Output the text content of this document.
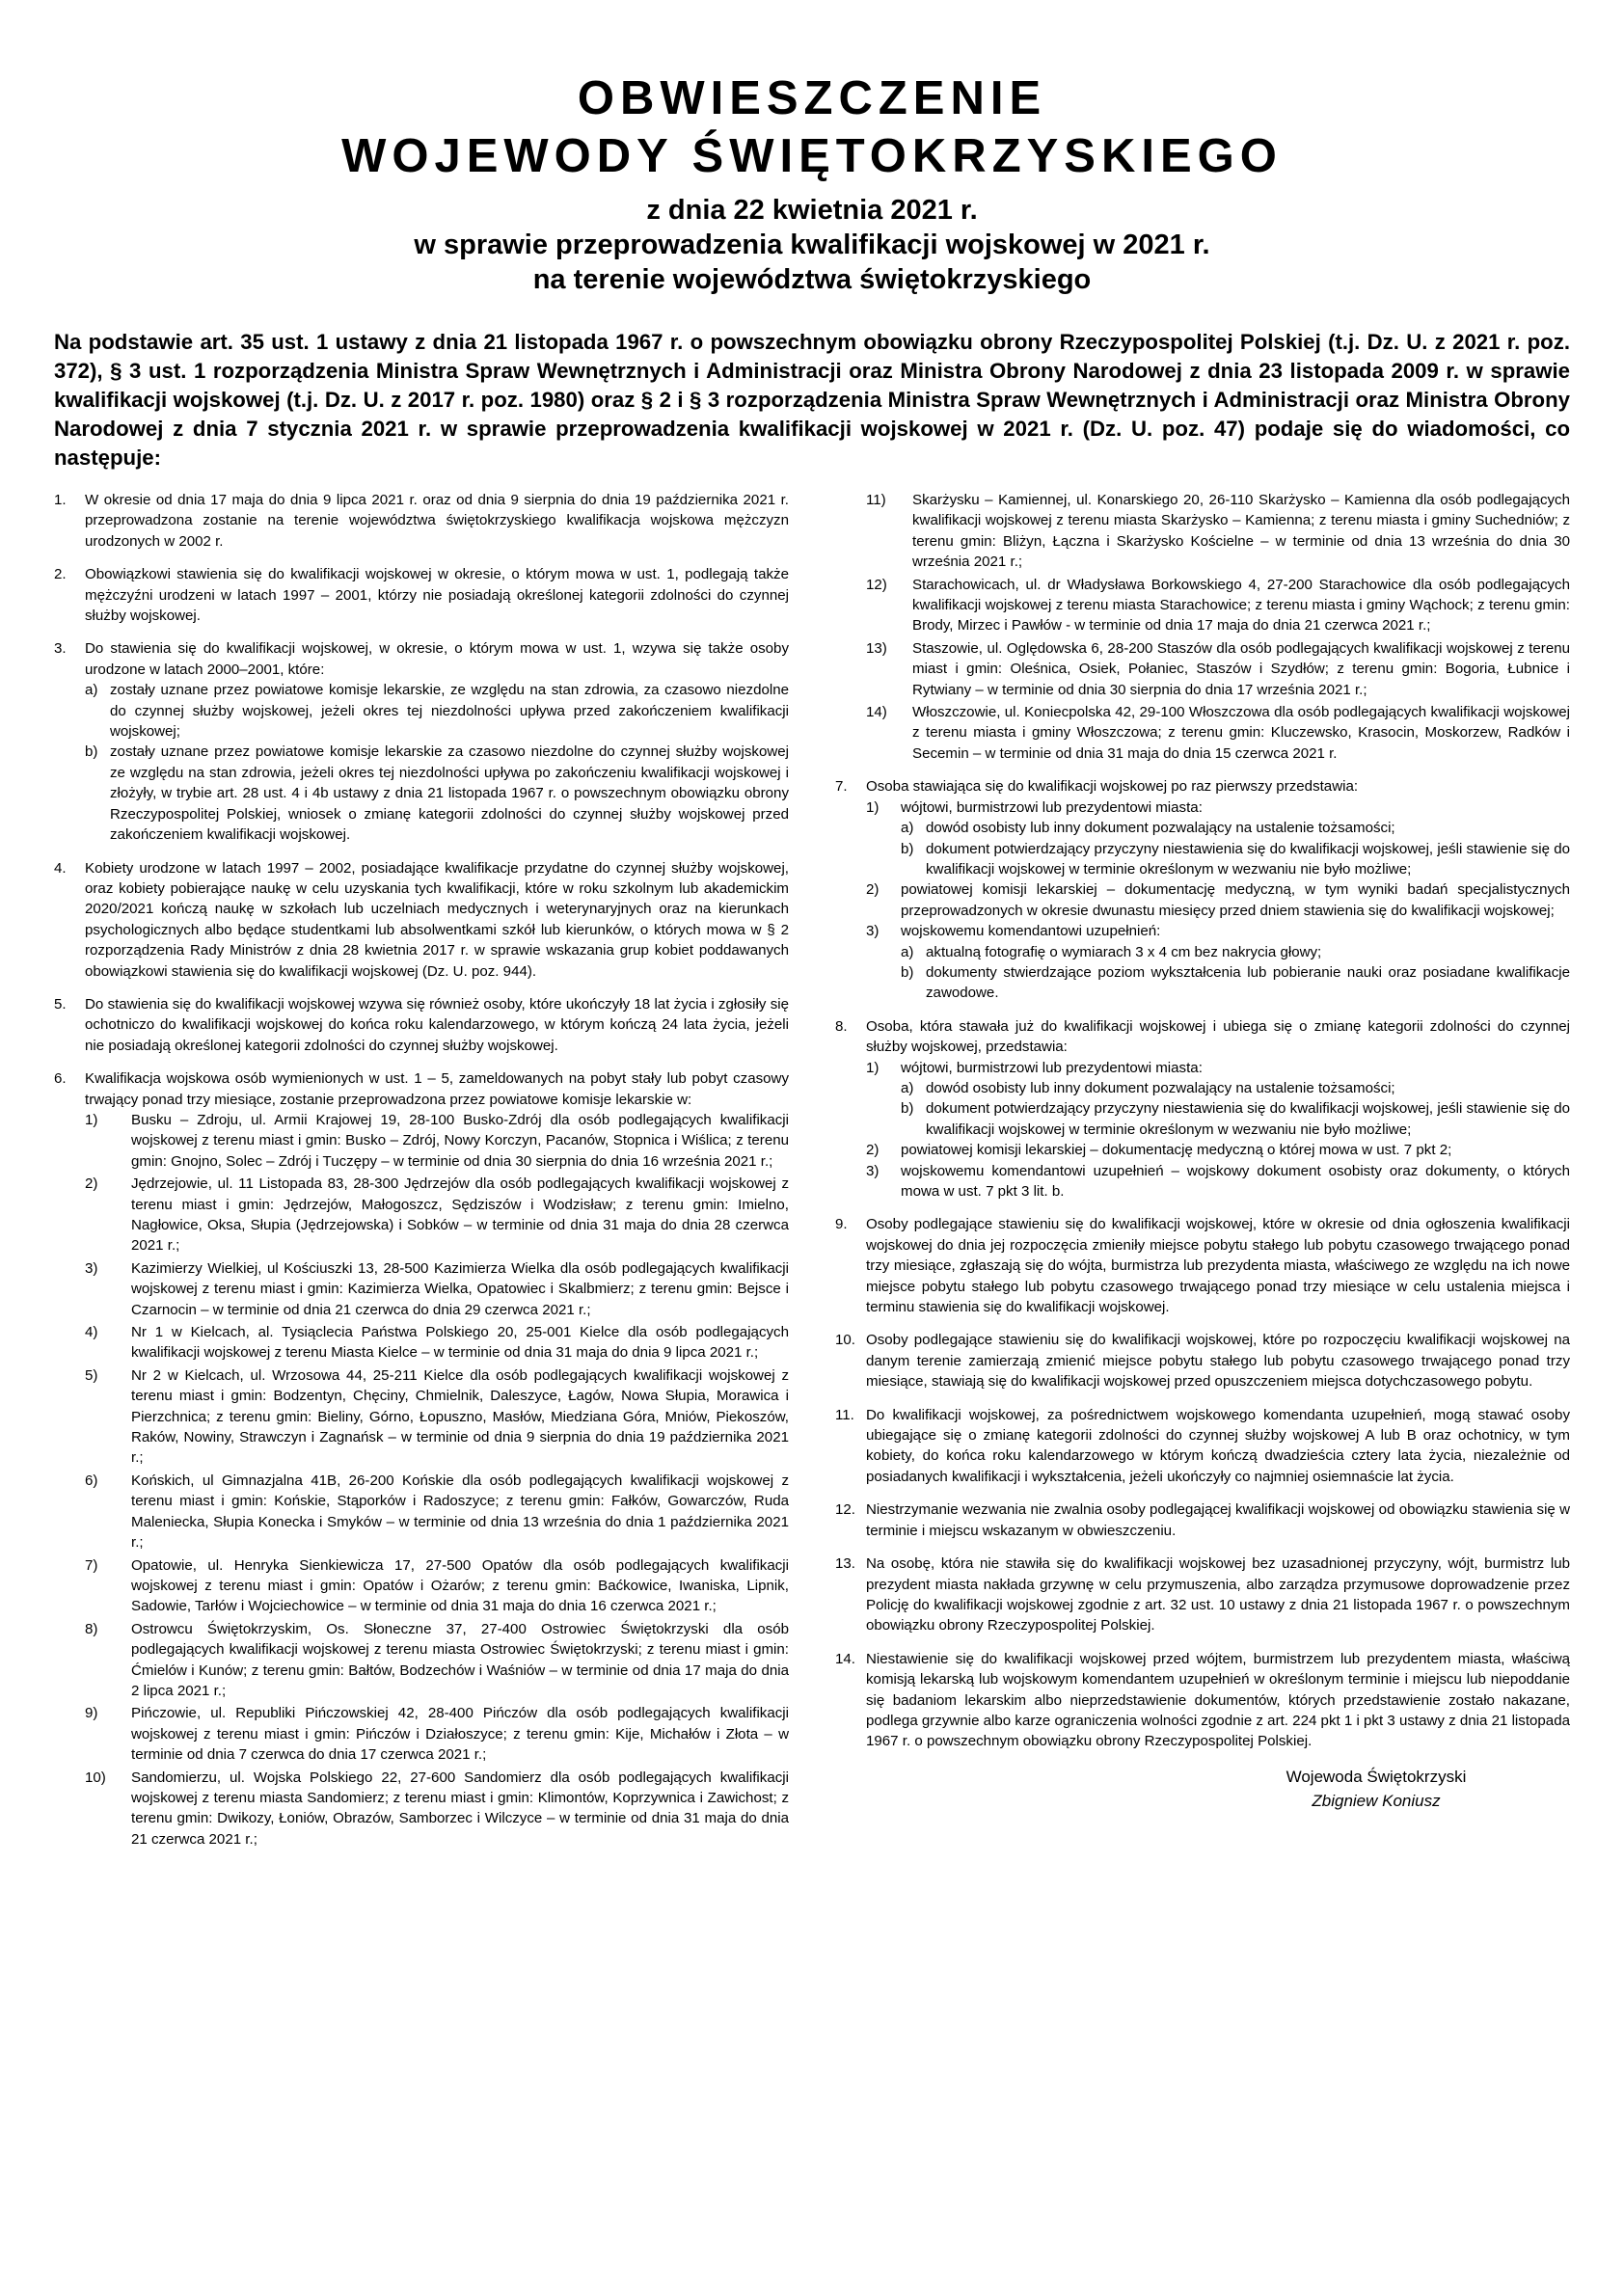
OBWIESZCZENIE
WOJEWODY ŚWIĘTOKRZYSKIEGO

z dnia 22 kwietnia 2021 r.

w sprawie przeprowadzenia kwalifikacji wojskowej w 2021 r.

na terenie województwa świętokrzyskiego

Na podstawie art. 35 ust. 1 ustawy z dnia 21 listopada 1967 r. o powszechnym obowiązku obrony Rzeczypospolitej Polskiej (t.j. Dz. U. z 2021 r. poz. 372), § 3 ust. 1 rozporządzenia Ministra Spraw Wewnętrznych i Administracji oraz Ministra Obrony Narodowej z dnia 23 listopada 2009 r. w sprawie kwalifikacji wojskowej (t.j. Dz. U. z 2017 r. poz. 1980) oraz § 2 i § 3 rozporządzenia Ministra Spraw Wewnętrznych i Administracji oraz Ministra Obrony Narodowej z dnia 7 stycznia 2021 r. w sprawie przeprowadzenia kwalifikacji wojskowej w 2021 r. (Dz. U. poz. 47) podaje się do wiadomości, co następuje:
1.	W okresie od dnia 17 maja do dnia 9 lipca 2021 r. oraz od dnia 9 sierpnia do dnia 19 października 2021 r. przeprowadzona zostanie na terenie województwa świętokrzyskiego kwalifikacja wojskowa mężczyzn urodzonych w 2002 r.
2.	Obowiązkowi stawienia się do kwalifikacji wojskowej w okresie, o którym mowa w ust. 1, podlegają także mężczyźni urodzeni w latach 1997 – 2001, którzy nie posiadają określonej kategorii zdolności do czynnej służby wojskowej.
3.	Do stawienia się do kwalifikacji wojskowej, w okresie, o którym mowa w ust. 1, wzywa się także osoby urodzone w latach 2000–2001, które:
a) zostały uznane przez powiatowe komisje lekarskie, ze względu na stan zdrowia, za czasowo niezdolne do czynnej służby wojskowej, jeżeli okres tej niezdolności upływa przed zakończeniem kwalifikacji wojskowej;
b) zostały uznane przez powiatowe komisje lekarskie za czasowo niezdolne do czynnej służby wojskowej ze względu na stan zdrowia, jeżeli okres tej niezdolności upływa po zakończeniu kwalifikacji wojskowej i złożyły, w trybie art. 28 ust. 4 i 4b ustawy z dnia 21 listopada 1967 r. o powszechnym obowiązku obrony Rzeczypospolitej Polskiej, wniosek o zmianę kategorii zdolności do czynnej służby wojskowej przed zakończeniem kwalifikacji wojskowej.
4.	Kobiety urodzone w latach 1997 – 2002, posiadające kwalifikacje przydatne do czynnej służby wojskowej, oraz kobiety pobierające naukę w celu uzyskania tych kwalifikacji, które w roku szkolnym lub akademickim 2020/2021 kończą naukę w szkołach lub uczelniach medycznych i weterynaryjnych oraz na kierunkach psychologicznych albo będące studentkami lub absolwentkami szkół lub kierunków, o których mowa w § 2 rozporządzenia Rady Ministrów z dnia 28 kwietnia 2017 r. w sprawie wskazania grup kobiet poddawanych obowiązkowi stawienia się do kwalifikacji wojskowej (Dz. U. poz. 944).
5.	Do stawienia się do kwalifikacji wojskowej wzywa się również osoby, które ukończyły 18 lat życia i zgłosiły się ochotniczo do kwalifikacji wojskowej do końca roku kalendarzowego, w którym kończą 24 lata życia, jeżeli nie posiadają określonej kategorii zdolności do czynnej służby wojskowej.
6.	Kwalifikacja wojskowa osób wymienionych w ust. 1 – 5, zameldowanych na pobyt stały lub pobyt czasowy trwający ponad trzy miesiące, zostanie przeprowadzona przez powiatowe komisje lekarskie w:
1)	Busku – Zdroju, ul. Armii Krajowej 19, 28-100 Busko-Zdrój dla osób podlegających kwalifikacji wojskowej z terenu miast i gmin: Busko – Zdrój, Nowy Korczyn, Pacanów, Stopnica i Wiślica; z terenu gmin: Gnojno, Solec – Zdrój i Tuczępy – w terminie od dnia 30 sierpnia do dnia 16 września 2021 r.;
2)	Jędrzejowie, ul. 11 Listopada 83, 28-300 Jędrzejów dla osób podlegających kwalifikacji wojskowej z terenu miast i gmin: Jędrzejów, Małogoszcz, Sędziszów i Wodzisław; z terenu gmin: Imielno, Nagłowice, Oksa, Słupia (Jędrzejowska) i Sobków – w terminie od dnia 31 maja do dnia 28 czerwca 2021 r.;
3)	Kazimierzy Wielkiej, ul Kościuszki 13, 28-500 Kazimierza Wielka dla osób podlegających kwalifikacji wojskowej z terenu miast i gmin: Kazimierza Wielka, Opatowiec i Skalbmierz; z terenu gmin: Bejsce i Czarnocin – w terminie od dnia 21 czerwca do dnia 29 czerwca 2021 r.;
4)	Nr 1 w Kielcach, al. Tysiąclecia Państwa Polskiego 20, 25-001 Kielce dla osób podlegających kwalifikacji wojskowej z terenu Miasta Kielce – w terminie od dnia 31 maja do dnia 9 lipca 2021 r.;
5)	Nr 2 w Kielcach, ul. Wrzosowa 44, 25-211 Kielce dla osób podlegających kwalifikacji wojskowej z terenu miast i gmin: Bodzentyn, Chęciny, Chmielnik, Daleszyce, Łagów, Nowa Słupia, Morawica i Pierzchnica; z terenu gmin: Bieliny, Górno, Łopuszno, Masłów, Miedziana Góra, Mniów, Piekoszów, Raków, Nowiny, Strawczyn i Zagnańsk – w terminie od dnia 9 sierpnia do dnia 19 października 2021 r.;
6)	Końskich, ul Gimnazjalna 41B, 26-200 Końskie dla osób podlegających kwalifikacji wojskowej z terenu miast i gmin: Końskie, Stąporków i Radoszyce; z terenu gmin: Fałków, Gowarczów, Ruda Maleniecka, Słupia Konecka i Smyków – w terminie od dnia 13 września do dnia 1 października 2021 r.;
7)	Opatowie, ul. Henryka Sienkiewicza 17, 27-500 Opatów dla osób podlegających kwalifikacji wojskowej z terenu miast i gmin: Opatów i Ożarów; z terenu gmin: Baćkowice, Iwaniska, Lipnik, Sadowie, Tarłów i Wojciechowice – w terminie od dnia 31 maja do dnia 16 czerwca 2021 r.;
8)	Ostrowcu Świętokrzyskim, Os. Słoneczne 37, 27-400 Ostrowiec Świętokrzyski dla osób podlegających kwalifikacji wojskowej z terenu miasta Ostrowiec Świętokrzyski; z terenu miast i gmin: Ćmielów i Kunów; z terenu gmin: Bałtów, Bodzechów i Waśniów – w terminie od dnia 17 maja do dnia 2 lipca 2021 r.;
9)	Pińczowie, ul. Republiki Pińczowskiej 42, 28-400 Pińczów dla osób podlegających kwalifikacji wojskowej z terenu miast i gmin: Pińczów i Działoszyce; z terenu gmin: Kije, Michałów i Złota – w terminie od dnia 7 czerwca do dnia 17 czerwca 2021 r.;
10)	Sandomierzu, ul. Wojska Polskiego 22, 27-600 Sandomierz dla osób podlegających kwalifikacji wojskowej z terenu miasta Sandomierz; z terenu miast i gmin: Klimontów, Koprzywnica i Zawichost; z terenu gmin: Dwikozy, Łoniów, Obrazów, Samborzec i Wilczyce – w terminie od dnia 31 maja do dnia 21 czerwca 2021 r.;
11)	Skarżysku – Kamiennej, ul. Konarskiego 20, 26-110 Skarżysko – Kamienna dla osób podlegających kwalifikacji wojskowej z terenu miasta Skarżysko – Kamienna; z terenu miasta i gminy Suchedniów; z terenu gmin: Bliżyn, Łączna i Skarżysko Kościelne – w terminie od dnia 13 września do dnia 30 września 2021 r.;
12)	Starachowicach, ul. dr Władysława Borkowskiego 4, 27-200 Starachowice dla osób podlegających kwalifikacji wojskowej z terenu miasta Starachowice; z terenu miasta i gminy Wąchock; z terenu gmin: Brody, Mirzec i Pawłów - w terminie od dnia 17 maja do dnia 21 czerwca 2021 r.;
13)	Staszowie, ul. Oględowska 6, 28-200 Staszów dla osób podlegających kwalifikacji wojskowej z terenu miast i gmin: Oleśnica, Osiek, Połaniec, Staszów i Szydłów; z terenu gmin: Bogoria, Łubnice i Rytwiany – w terminie od dnia 30 sierpnia do dnia 17 września 2021 r.;
14)	Włoszczowie, ul. Koniecpolska 42, 29-100 Włoszczowa dla osób podlegających kwalifikacji wojskowej z terenu miasta i gminy Włoszczowa; z terenu gmin: Kluczewsko, Krasocin, Moskorzew, Radków i Secemin – w terminie od dnia 31 maja do dnia 15 czerwca 2021 r.
7.	Osoba stawiająca się do kwalifikacji wojskowej po raz pierwszy przedstawia:
1)	wójtowi, burmistrzowi lub prezydentowi miasta:
a) dowód osobisty lub inny dokument pozwalający na ustalenie tożsamości;
b) dokument potwierdzający przyczyny niestawienia się do kwalifikacji wojskowej, jeśli stawienie się do kwalifikacji wojskowej w terminie określonym w wezwaniu nie było możliwe;
2)	powiatowej komisji lekarskiej – dokumentację medyczną, w tym wyniki badań specjalistycznych przeprowadzonych w okresie dwunastu miesięcy przed dniem stawienia się do kwalifikacji wojskowej;
3)	wojskowemu komendantowi uzupełnień:
a) aktualną fotografię o wymiarach 3 x 4 cm bez nakrycia głowy;
b) dokumenty stwierdzające poziom wykształcenia lub pobieranie nauki oraz posiadane kwalifikacje zawodowe.
8.	Osoba, która stawała już do kwalifikacji wojskowej i ubiega się o zmianę kategorii zdolności do czynnej służby wojskowej, przedstawia:
1)	wójtowi, burmistrzowi lub prezydentowi miasta:
a) dowód osobisty lub inny dokument pozwalający na ustalenie tożsamości;
b) dokument potwierdzający przyczyny niestawienia się do kwalifikacji wojskowej, jeśli stawienie się do kwalifikacji wojskowej w terminie określonym w wezwaniu nie było możliwe;
2)	powiatowej komisji lekarskiej – dokumentację medyczną o której mowa w ust. 7 pkt 2;
3)	wojskowemu komendantowi uzupełnień – wojskowy dokument osobisty oraz dokumenty, o których mowa w ust. 7 pkt 3 lit. b.
9.	Osoby podlegające stawieniu się do kwalifikacji wojskowej, które w okresie od dnia ogłoszenia kwalifikacji wojskowej do dnia jej rozpoczęcia zmieniły miejsce pobytu stałego lub pobytu czasowego trwającego ponad trzy miesiące, zgłaszają się do wójta, burmistrza lub prezydenta miasta, właściwego ze względu na ich nowe miejsce pobytu stałego lub pobytu czasowego trwającego ponad trzy miesiące w celu ustalenia miejsca i terminu stawienia się do kwalifikacji wojskowej.
10. Osoby podlegające stawieniu się do kwalifikacji wojskowej, które po rozpoczęciu kwalifikacji wojskowej na danym terenie zamierzają zmienić miejsce pobytu stałego lub pobytu czasowego trwającego ponad trzy miesiące, stawiają się do kwalifikacji wojskowej przed opuszczeniem miejsca dotychczasowego pobytu.
11. Do kwalifikacji wojskowej, za pośrednictwem wojskowego komendanta uzupełnień, mogą stawać osoby ubiegające się o zmianę kategorii zdolności do czynnej służby wojskowej A lub B oraz ochotnicy, w tym kobiety, do końca roku kalendarzowego w którym kończą dwadzieścia cztery lata życia, niezależnie od posiadanych kwalifikacji i wykształcenia, jeżeli ukończyły co najmniej osiemnaście lat życia.
12. Niestrzymanie wezwania nie zwalnia osoby podlegającej kwalifikacji wojskowej od obowiązku stawienia się w terminie i miejscu wskazanym w obwieszczeniu.
13. Na osobę, która nie stawiła się do kwalifikacji wojskowej bez uzasadnionej przyczyny, wójt, burmistrz lub prezydent miasta nakłada grzywnę w celu przymuszenia, albo zarządza przymusowe doprowadzenie przez Policję do kwalifikacji wojskowej zgodnie z art. 32 ust. 10 ustawy z dnia 21 listopada 1967 r. o powszechnym obowiązku obrony Rzeczypospolitej Polskiej.
14. Niestawienie się do kwalifikacji wojskowej przed wójtem, burmistrzem lub prezydentem miasta, właściwą komisją lekarską lub wojskowym komendantem uzupełnień w określonym terminie i miejscu lub niepoddanie się badaniom lekarskim albo nieprzedstawienie dokumentów, których przedstawienie zostało nakazane, podlega grzywnie albo karze ograniczenia wolności zgodnie z art. 224 pkt 1 i pkt 3 ustawy z dnia 21 listopada 1967 r. o powszechnym obowiązku obrony Rzeczypospolitej Polskiej.
Wojewoda Świętokrzyski
Zbigniew Koniusz
